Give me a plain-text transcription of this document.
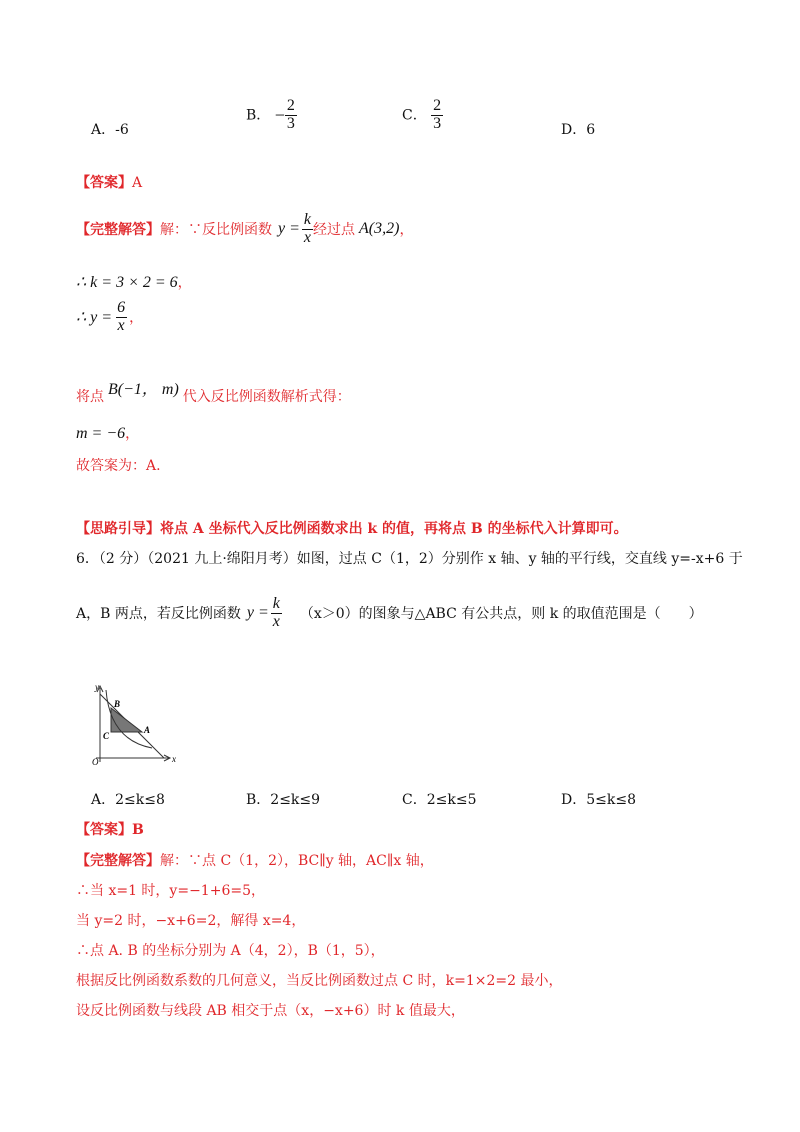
A．-6
B． − $\frac{2}{3}$	C． $\frac{2}{3}$	D．6
【答案】A
【完整解答】 解：∵反比例函数 $y = \frac{k}{x}$ 经过点 A(3,2) ，
∴ k = 3 × 2 = 6，
∴ $y = \frac{6}{x}$ ，
将点 B(−1， m) 代入反比例函数解析式得：
m = −6，
故答案为：A.
【思路引导】将点 A 坐标代入反比例函数求出 k 的值，再将点 B 的坐标代入计算即可。
6．（2 分）（2021 九上·绵阳月考）如图，过点 C（1，2）分别作 x 轴、y 轴的平行线，交直线 y=-x+6 于
A，B 两点，若反比例函数 $y = \frac{k}{x} (x>0)$的图象与△ABC 有公共点，则 k 的取值范围是（　　）
y
x
O
B
C
A
A．2≤k≤8	B．2≤k≤9	C．2≤k≤5	D．5≤k≤8
【答案】B
【完整解答】解：∵点 C（1，2），BC∥y 轴，AC∥x 轴，
∴当 x=1 时，y=−1+6=5，
当 y=2 时，−x+6=2，解得 x=4，
∴点 A. B 的坐标分别为 A（4，2），B（1，5），
根据反比例函数系数的几何意义，当反比例函数过点 C 时，k=1×2=2 最小，
设反比例函数与线段 AB 相交于点（x，−x+6）时 k 值最大，
